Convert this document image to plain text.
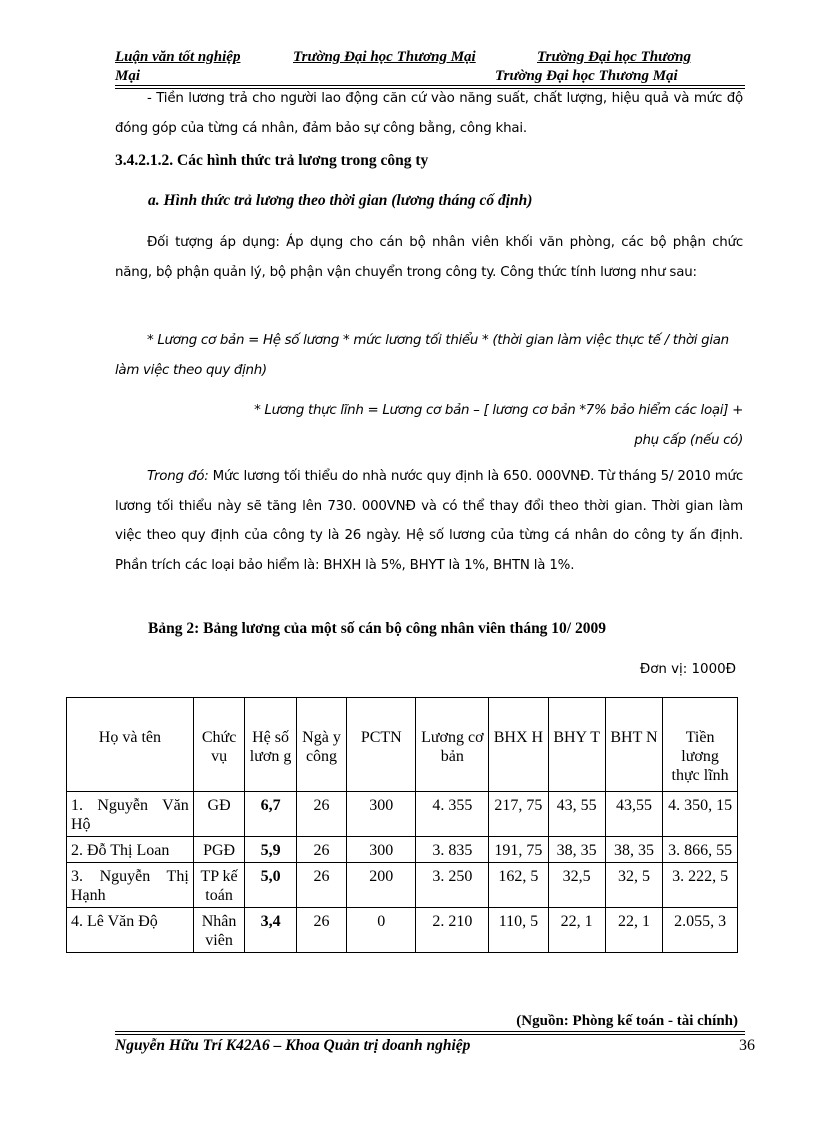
Luận văn tốt nghiệp	Trường Đại học Thương Mại	Trường Đại học Thương
Mại	Trường Đại học Thương Mại

- Tiền lương trả cho người lao động căn cứ vào năng suất, chất lượng, hiệu quả và mức độ đóng góp của từng cá nhân, đảm bảo sự công bằng, công khai.

3.4.2.1.2. Các hình thức trả lương trong công ty
a. Hình thức trả lương theo thời gian (lương tháng cố định)

Đối tượng áp dụng: Áp dụng cho cán bộ nhân viên khối văn phòng, các bộ phận chức năng, bộ phận quản lý, bộ phận vận chuyển trong công ty. Công thức tính lương như sau:

* Lương cơ bản = Hệ số lương * mức lương tối thiểu * (thời gian làm việc thực tế / thời gian làm việc theo quy định)

* Lương thực lĩnh = Lương cơ bản – [ lương cơ bản *7% bảo hiểm các loại] +
phụ cấp (nếu có)

Trong đó: Mức lương tối thiểu do nhà nước quy định là 650. 000VNĐ. Từ tháng 5/ 2010 mức lương tối thiểu này sẽ tăng lên 730. 000VNĐ và có thể thay đổi theo thời gian. Thời gian làm việc theo quy định của công ty là 26 ngày. Hệ số lương của từng cá nhân do công ty ấn định. Phần trích các loại bảo hiểm là: BHXH là 5%, BHYT là 1%, BHTN là 1%.

Bảng 2: Bảng lương của một số cán bộ công nhân viên tháng 10/ 2009
Đơn vị: 1000Đ
Họ và tên	Chức vụ	Hệ số lươn g	Ngà y công	PCTN	Lương cơ bản	BHX H	BHY T	BHT N	Tiền lương thực lĩnh
1. Nguyễn Văn Hộ	GĐ	6,7	26	300	4. 355	217, 75	43, 55	43,55	4. 350, 15
2. Đỗ Thị Loan	PGĐ	5,9	26	300	3. 835	191, 75	38, 35	38, 35	3. 866, 55
3. Nguyễn Thị Hạnh	TP kế toán	5,0	26	200	3. 250	162, 5	32,5	32, 5	3. 222, 5
4. Lê Văn Độ	Nhân viên	3,4	26	0	2. 210	110, 5	22, 1	22, 1	2.055, 3
(Nguồn: Phòng kế toán - tài chính)
Nguyễn Hữu Trí K42A6 – Khoa Quản trị doanh nghiệp	36
